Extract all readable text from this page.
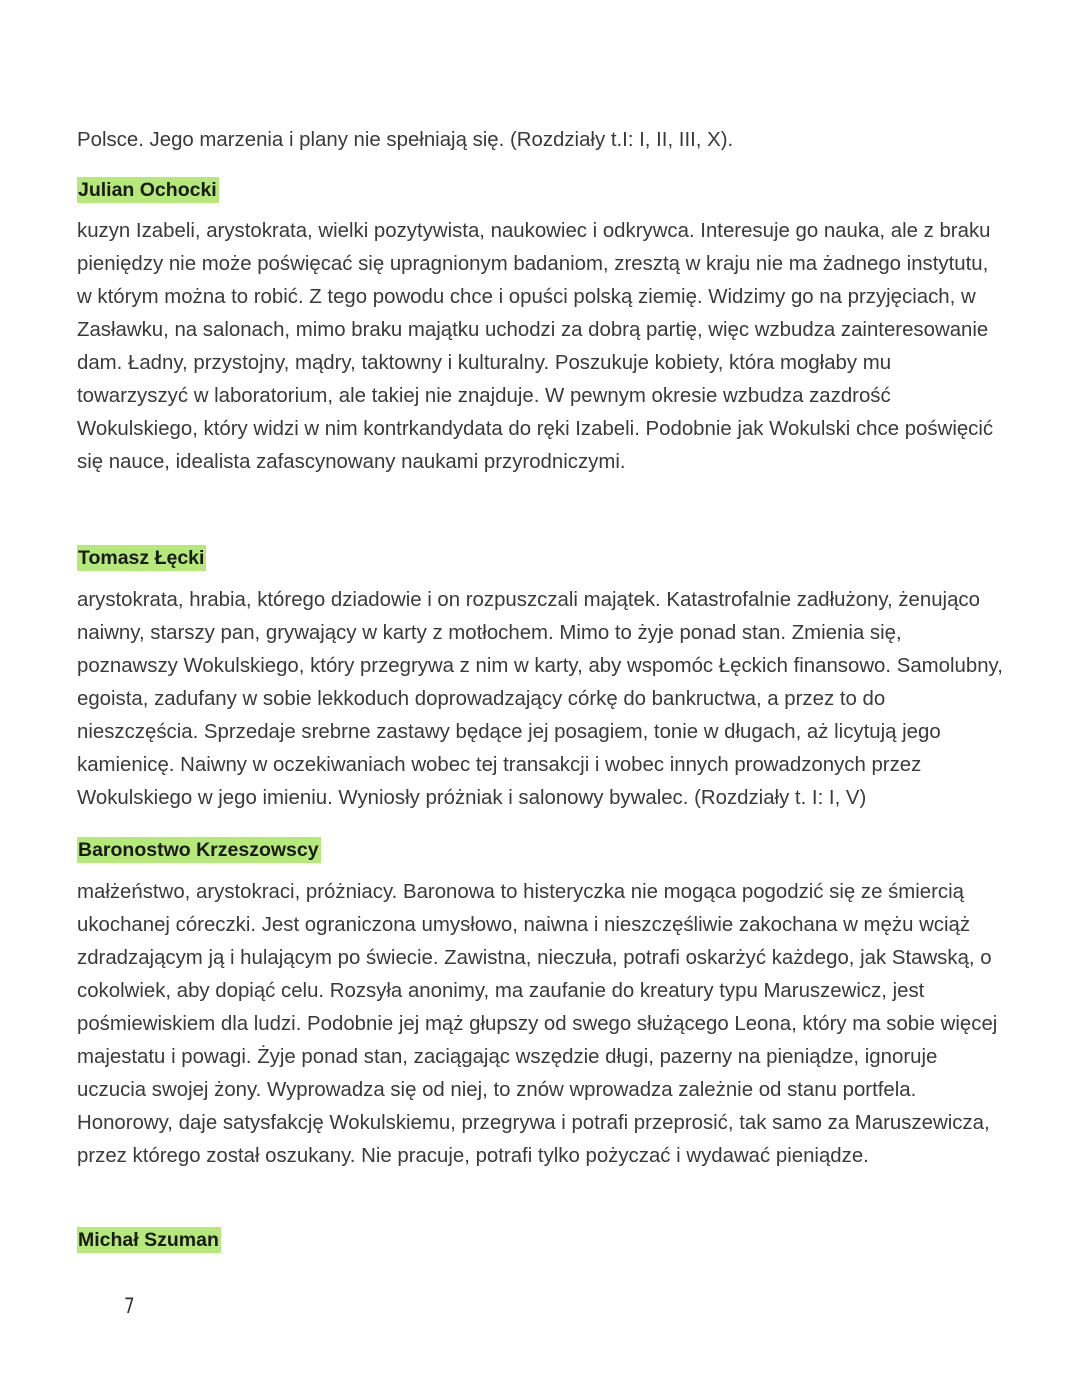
Polsce. Jego marzenia i plany nie spełniają się. (Rozdziały t.I: I, II, III, X).

Julian Ochocki

kuzyn Izabeli, arystokrata, wielki pozytywista, naukowiec i odkrywca. Interesuje go nauka, ale z braku pieniędzy nie może poświęcać się upragnionym badaniom, zresztą w kraju nie ma żadnego instytutu, w którym można to robić. Z tego powodu chce i opuści polską ziemię. Widzimy go na przyjęciach, w Zasławku, na salonach, mimo braku majątku uchodzi za dobrą partię, więc wzbudza zainteresowanie dam. Ładny, przystojny, mądry, taktowny i kulturalny. Poszukuje kobiety, która mogłaby mu towarzyszyć w laboratorium, ale takiej nie znajduje. W pewnym okresie wzbudza zazdrość Wokulskiego, który widzi w nim kontrkandydata do ręki Izabeli. Podobnie jak Wokulski chce poświęcić się nauce, idealista zafascynowany naukami przyrodniczymi.

Tomasz Łęcki

arystokrata, hrabia, którego dziadowie i on rozpuszczali majątek. Katastrofalnie zadłużony, żenująco naiwny, starszy pan, grywający w karty z motłochem. Mimo to żyje ponad stan. Zmienia się, poznawszy Wokulskiego, który przegrywa z nim w karty, aby wspomóc Łęckich finansowo. Samolubny, egoista, zadufany w sobie lekkoduch doprowadzający córkę do bankructwa, a przez to do nieszczęścia. Sprzedaje srebrne zastawy będące jej posagiem, tonie w długach, aż licytują jego kamienicę. Naiwny w oczekiwaniach wobec tej transakcji i wobec innych prowadzonych przez Wokulskiego w jego imieniu. Wyniosły próżniak i salonowy bywalec. (Rozdziały t. I: I, V)

Baronostwo Krzeszowscy

małżeństwo, arystokraci, próżniacy. Baronowa to histeryczka nie mogąca pogodzić się ze śmiercią ukochanej córeczki. Jest ograniczona umysłowo, naiwna i nieszczęśliwie zakochana w mężu wciąż zdradzającym ją i hulającym po świecie. Zawistna, nieczuła, potrafi oskarżyć każdego, jak Stawską, o cokolwiek, aby dopiąć celu. Rozsyła anonimy, ma zaufanie do kreatury typu Maruszewicz, jest pośmiewiskiem dla ludzi. Podobnie jej mąż głupszy od swego służącego Leona, który ma sobie więcej majestatu i powagi. Żyje ponad stan, zaciągając wszędzie długi, pazerny na pieniądze, ignoruje uczucia swojej żony. Wyprowadza się od niej, to znów wprowadza zależnie od stanu portfela. Honorowy, daje satysfakcję Wokulskiemu, przegrywa i potrafi przeprosić, tak samo za Maruszewicza, przez którego został oszukany. Nie pracuje, potrafi tylko pożyczać i wydawać pieniądze.

Michał Szuman
7
